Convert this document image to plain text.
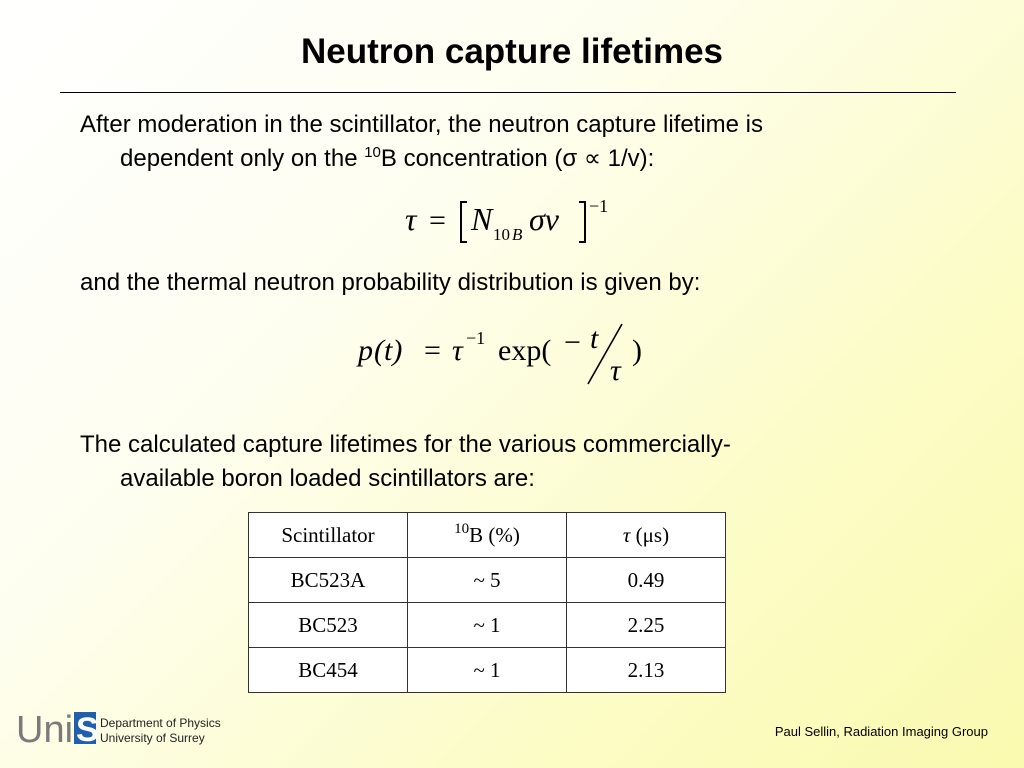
Neutron capture lifetimes
After moderation in the scintillator, the neutron capture lifetime is
dependent only on the $^{10}$B concentration (σ ∝ 1/v):
τ = N 10 B σν −1
and the thermal neutron probability distribution is given by:
p (t) = τ −1 exp( − t
τ
)
The calculated capture lifetimes for the various commercially-
available boron loaded scintillators are:
Scintillator	$^{10}$B (%)	τ (μs)
BC523A	~ 5	0.49
BC523	~ 1	2.25
BC454	~ 1	2.13
Uni S Department of Physics
University of Surrey	Paul Sellin, Radiation Imaging Group
